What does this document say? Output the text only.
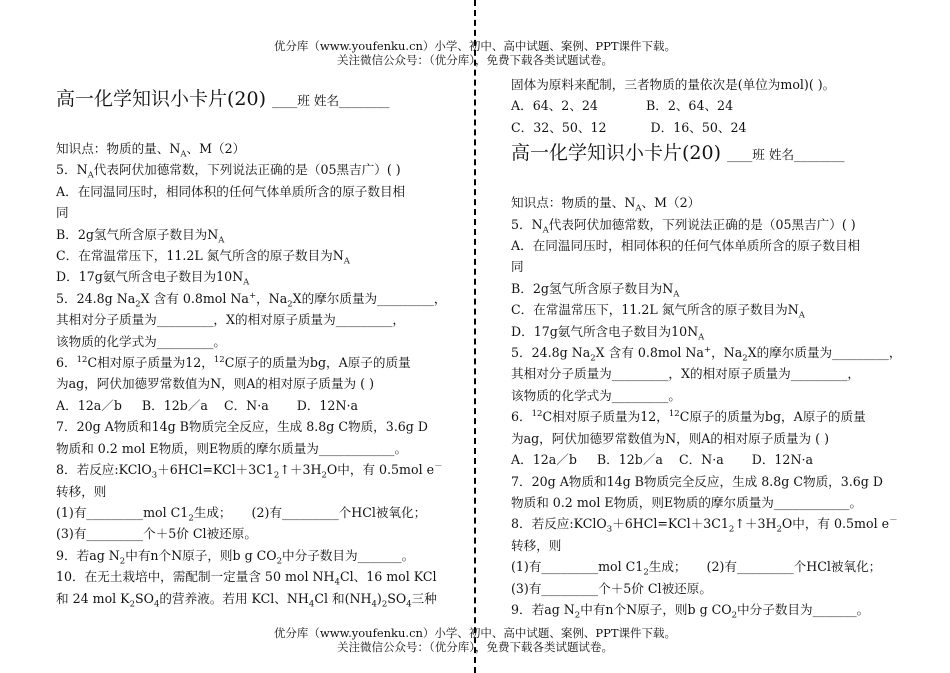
优分库（www.youfenku.cn）小学、初中、高中试题、案例、PPT课件下载。
关注微信公众号：（优分库），免费下载各类试题试卷。
优分库（www.youfenku.cn）小学、初中、高中试题、案例、PPT课件下载。
关注微信公众号：（优分库），免费下载各类试题试卷。

高一化学知识小卡片(20) ____班 姓名________

知识点：物质的量、$N_A$、M（2）

5．$N_A$代表阿伏加德常数，下列说法正确的是（05黑吉广）( )

A．在同温同压时，相同体积的任何气体单质所含的原子数目相

同

B．2g氢气所含原子数目为$N_A$

C．在常温常压下，11.2L 氮气所含的原子数目为$N_A$

D．17g氨气所含电子数目为$10N_A$

5．24.8g $Na_2X$ 含有 0.8mol Na+，$Na_2X$的摩尔质量为_________，

其相对分子质量为_________，X的相对原子质量为_________，

该物质的化学式为_________。

6．$^{12}$C相对原子质量为12，$^{12}$C原子的质量为bg，A原子的质量

为ag，阿伏加德罗常数值为N，则A的相对原子质量为 ( )

A．12a／b     B．12b／a    C．N·a       D．12N·a

7．20g A物质和14g B物质完全反应，生成 8.8g C物质，3.6g D

物质和 0.2 mol E物质，则E物质的摩尔质量为____________。

8．若反应$:KClO_3+6HCl=KCl+3C1_2↑+3H_2O$中，有 0.5mol e－

转移，则

(1)有_________mol $C1_2$生成；     (2)有_________个HCl被氧化；

(3)有_________个＋5价 Cl被还原。

9．若ag $N_2$中有n个N原子，则b g $CO_2$中分子数目为_______。

10．在无土栽培中，需配制一定量含 50 mol $NH_4Cl$、16 mol KCl

和 24 mol $K_2SO_4$的营养液。若用 KCl、$NH_4Cl$ 和$(NH_4)_2SO_4$三种

固体为原料来配制，三者物质的量依次是(单位为mol)( )。

A．64、2、24            B．2、64、24

C．32、50、12           D．16、50、24

高一化学知识小卡片(20) ____班 姓名________

知识点：物质的量、$N_A$、M（2）

5．$N_A$代表阿伏加德常数，下列说法正确的是（05黑吉广）( )

A．在同温同压时，相同体积的任何气体单质所含的原子数目相

同

B．2g氢气所含原子数目为$N_A$

C．在常温常压下，11.2L 氮气所含的原子数目为$N_A$

D．17g氨气所含电子数目为$10N_A$

5．24.8g $Na_2X$ 含有 0.8mol Na+，$Na_2X$的摩尔质量为_________，

其相对分子质量为_________，X的相对原子质量为_________，

该物质的化学式为_________。

6．$^{12}$C相对原子质量为12，$^{12}$C原子的质量为bg，A原子的质量

为ag，阿伏加德罗常数值为N，则A的相对原子质量为 ( )

A．12a／b     B．12b／a    C．N·a       D．12N·a

7．20g A物质和14g B物质完全反应，生成 8.8g C物质，3.6g D

物质和 0.2 mol E物质，则E物质的摩尔质量为____________。

8．若反应$:KClO_3+6HCl=KCl+3C1_2↑+3H_2O$中，有 0.5mol e－

转移，则

(1)有_________mol $C1_2$生成；     (2)有_________个HCl被氧化；

(3)有_________个＋5价 Cl被还原。

9．若ag $N_2$中有n个N原子，则b g $CO_2$中分子数目为_______。
